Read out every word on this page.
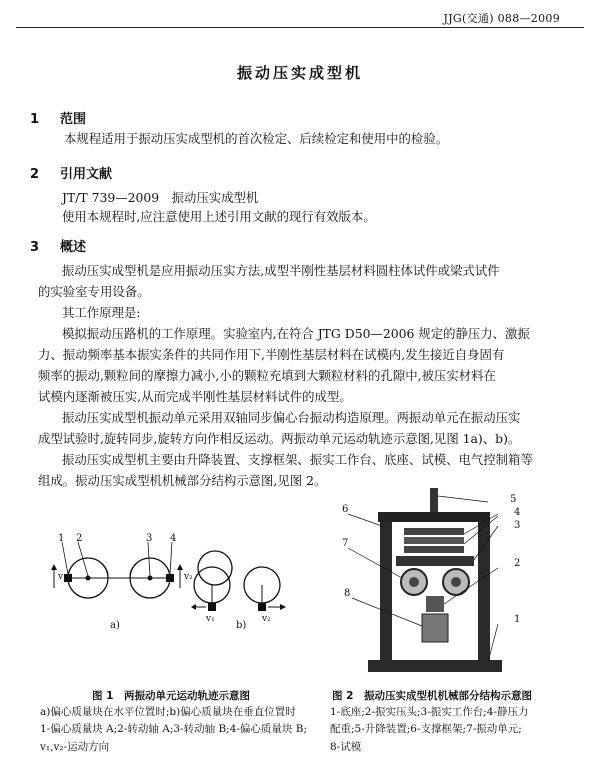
JJG(交通) 088—2009
振动压实成型机
1 范围
本规程适用于振动压实成型机的首次检定、后续检定和使用中的检验。
2 引用文献
JT/T 739—2009　振动压实成型机
使用本规程时,应注意使用上述引用文献的现行有效版本。
3 概述
振动压实成型机是应用振动压实方法,成型半刚性基层材料圆柱体试件或梁式试件
的实验室专用设备。
其工作原理是:
模拟振动压路机的工作原理。实验室内,在符合 JTG D50—2006 规定的静压力、激振
力、振动频率基本振实条件的共同作用下,半刚性基层材料在试模内,发生接近自身固有
频率的振动,颗粒间的摩擦力减小,小的颗粒充填到大颗粒材料的孔隙中,被压实材料在
试模内逐渐被压实,从而完成半刚性基层材料试件的成型。
振动压实成型机振动单元采用双轴同步偏心台振动构造原理。两振动单元在振动压实
成型试验时,旋转同步,旋转方向作相反运动。两振动单元运动轨迹示意图,见图 1a)、b)。
振动压实成型机主要由升降装置、支撑框架、振实工作台、底座、试模、电气控制箱等
组成。振动压实成型机机械部分结构示意图,见图 2。
1 2	3 4
v₁	v₂
a)
v₁
b)
v₂
图 1　两振动单元运动轨迹示意图
a)偏心质量块在水平位置时;b)偏心质量块在垂直位置时
1-偏心质量块 A;2-转动轴 A;3-转动轴 B;4-偏心质量块 B;
v₁,v₂-运动方向
5
4
3
2
1
6
7
8
图 2　振动压实成型机机械部分结构示意图
1-底座;2-振实压头;3-振实工作台;4-静压力
配重;5-升降装置;6-支撑框架;7-振动单元;
8-试模
